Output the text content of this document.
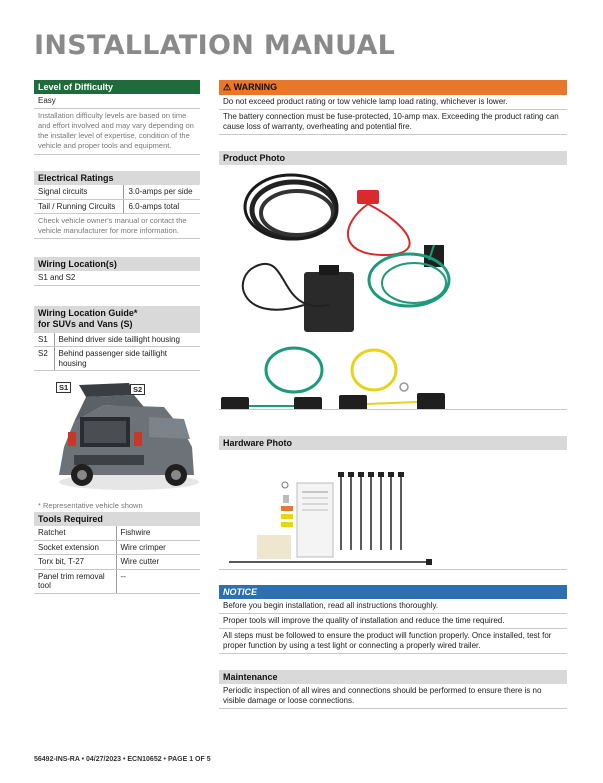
INSTALLATION MANUAL
Level of Difficulty
Easy
Installation difficulty levels are based on time and effort involved and may vary depending on the installer level of expertise, condition of the vehicle and proper tools and equipment.
Electrical Ratings
Signal circuits	3.0-amps per side
Tail / Running Circuits	6.0-amps total
Check vehicle owner's manual or contact the vehicle manufacturer for more information.
Wiring Location(s)
S1 and S2
Wiring Location Guide*
for SUVs and Vans (S)
S1	Behind driver side taillight housing
S2	Behind passenger side taillight housing
S1	S2
* Representative vehicle shown
Tools Required
Ratchet	Fishwire
Socket extension	Wire crimper
Torx bit, T-27	Wire cutter
Panel trim removal tool	--
⚠ WARNING
Do not exceed product rating or tow vehicle lamp load rating, whichever is lower.
The battery connection must be fuse-protected, 10-amp max. Exceeding the product rating can cause loss of warranty, overheating and potential fire.
Product Photo
Hardware Photo
NOTICE
Before you begin installation, read all instructions thoroughly.
Proper tools will improve the quality of installation and reduce the time required.
All steps must be followed to ensure the product will function properly. Once installed, test for proper function by using a test light or connecting a properly wired trailer.
Maintenance
Periodic inspection of all wires and connections should be performed to ensure there is no visible damage or loose connections.
56492-INS-RA • 04/27/2023 • ECN10652 • PAGE 1 OF 5
